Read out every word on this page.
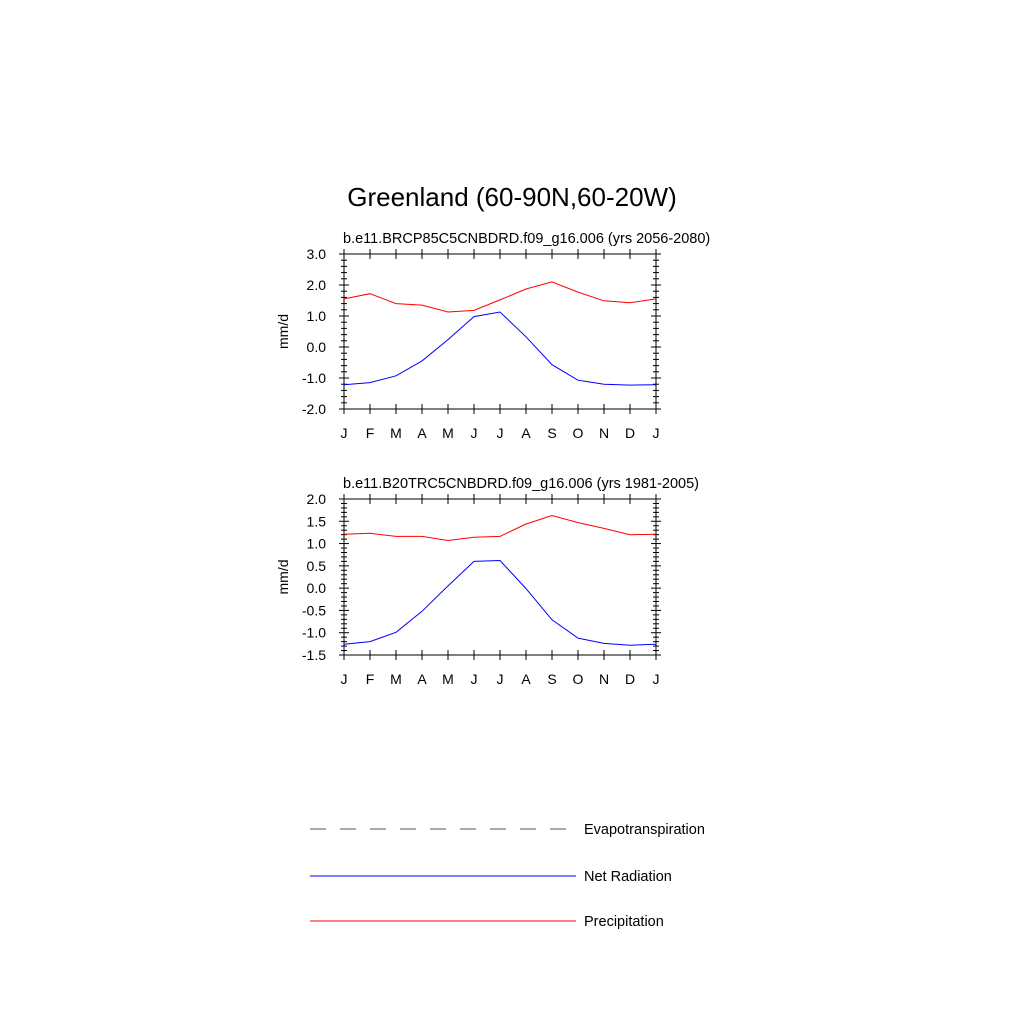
Greenland (60-90N,60-20W)
b.e11.BRCP85C5CNBDRD.f09_g16.006 (yrs 2056-2080)
3.0
2.0
1.0
0.0
-1.0
-2.0
J F M A M J J A S O N D J
mm/d
b.e11.B20TRC5CNBDRD.f09_g16.006 (yrs 1981-2005)
2.0
1.5
1.0
0.5
0.0
-0.5
-1.0
-1.5
J F M A M J J A S O N D J
mm/d
Evapotranspiration
Net Radiation
Precipitation
